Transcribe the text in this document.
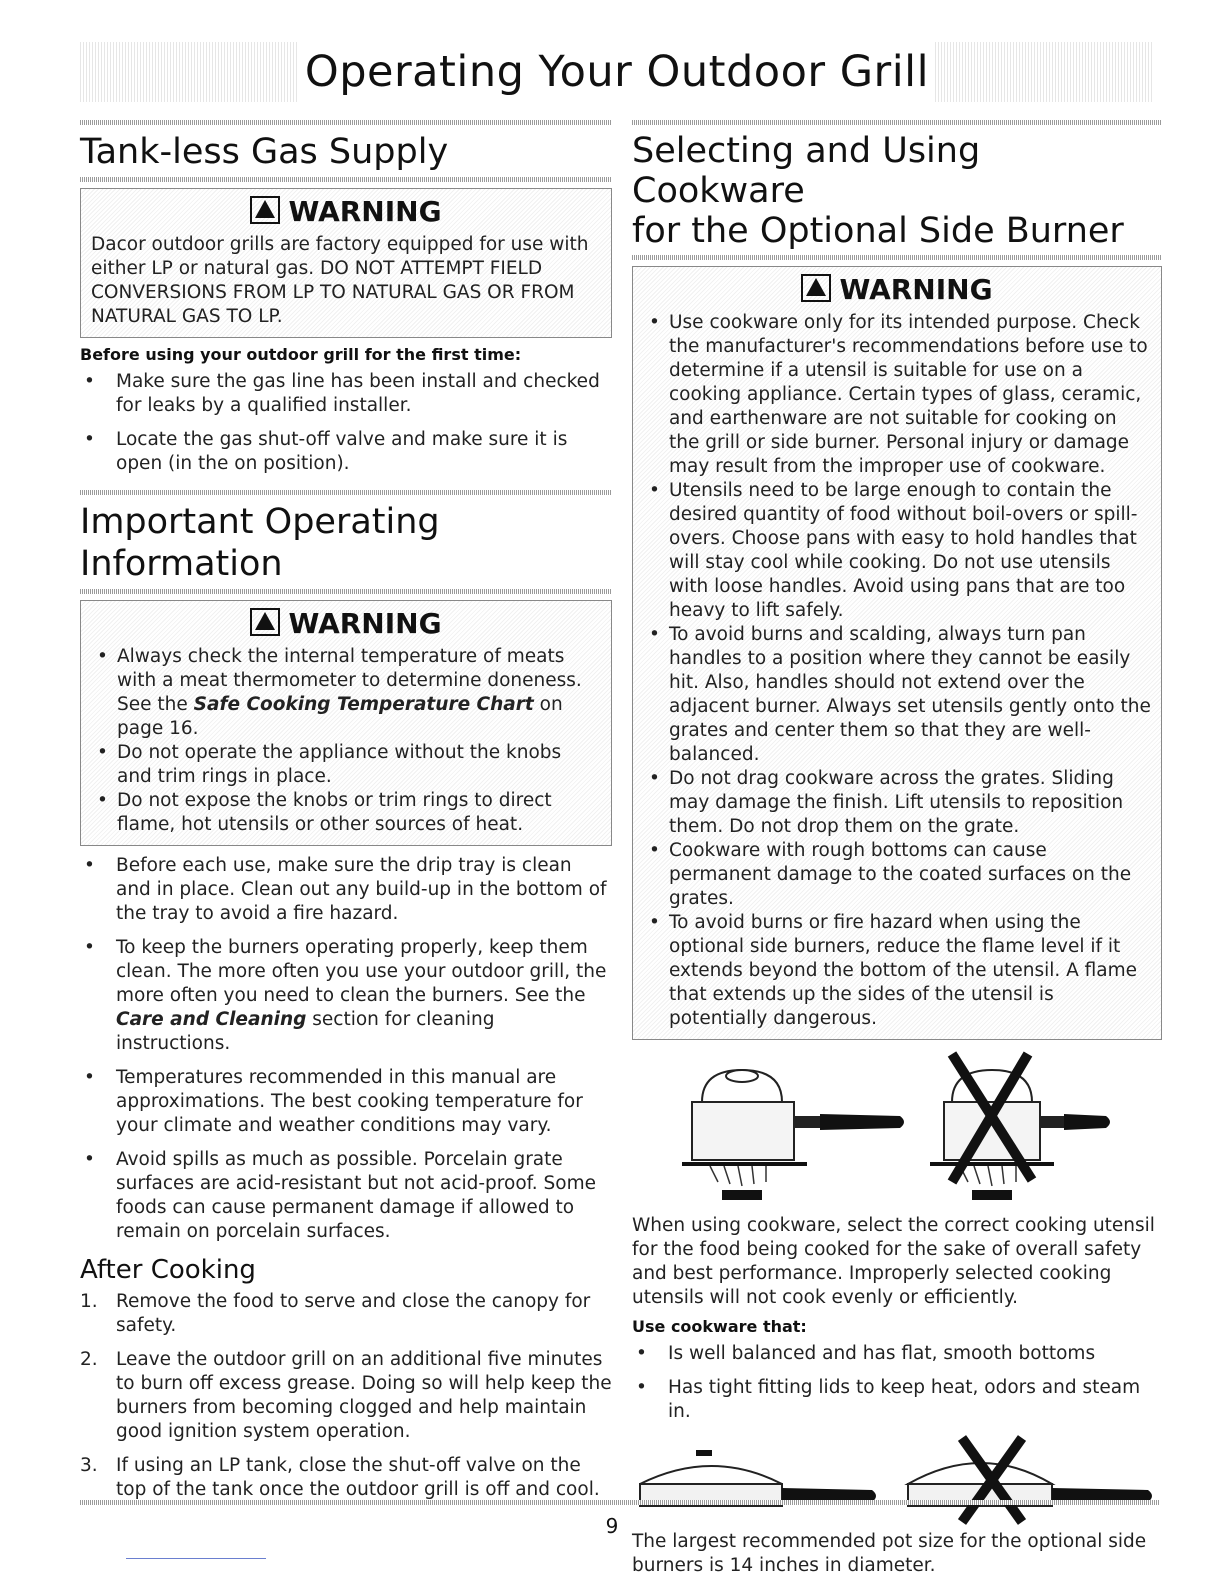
Operating Your Outdoor Grill
Tank-less Gas Supply
WARNING
Dacor outdoor grills are factory equipped for use with either LP or natural gas. DO NOT ATTEMPT FIELD CONVERSIONS FROM LP TO NATURAL GAS OR FROM NATURAL GAS TO LP.
Before using your outdoor grill for the first time:
• Make sure the gas line has been install and checked for leaks by a qualified installer.
• Locate the gas shut-off valve and make sure it is open (in the on position).
Important Operating Information
WARNING
• Always check the internal temperature of meats with a meat thermometer to determine doneness. See the Safe Cooking Temperature Chart on page 16.
• Do not operate the appliance without the knobs and trim rings in place.
• Do not expose the knobs or trim rings to direct flame, hot utensils or other sources of heat.
• Before each use, make sure the drip tray is clean and in place. Clean out any build-up in the bottom of the tray to avoid a fire hazard.
• To keep the burners operating properly, keep them clean. The more often you use your outdoor grill, the more often you need to clean the burners. See the Care and Cleaning section for cleaning instructions.
• Temperatures recommended in this manual are approximations. The best cooking temperature for your climate and weather conditions may vary.
• Avoid spills as much as possible. Porcelain grate surfaces are acid-resistant but not acid-proof. Some foods can cause permanent damage if allowed to remain on porcelain surfaces.
After Cooking
1. Remove the food to serve and close the canopy for safety.
2. Leave the outdoor grill on an additional five minutes to burn off excess grease. Doing so will help keep the burners from becoming clogged and help maintain good ignition system operation.
3. If using an LP tank, close the shut-off valve on the top of the tank once the outdoor grill is off and cool.
Selecting and Using Cookware
for the Optional Side Burner
WARNING
• Use cookware only for its intended purpose. Check the manufacturer's recommendations before use to determine if a utensil is suitable for use on a cooking appliance. Certain types of glass, ceramic, and earthenware are not suitable for cooking on the grill or side burner. Personal injury or damage may result from the improper use of cookware.
• Utensils need to be large enough to contain the desired quantity of food without boil-overs or spill-overs. Choose pans with easy to hold handles that will stay cool while cooking. Do not use utensils with loose handles. Avoid using pans that are too heavy to lift safely.
• To avoid burns and scalding, always turn pan handles to a position where they cannot be easily hit. Also, handles should not extend over the adjacent burner. Always set utensils gently onto the grates and center them so that they are well-balanced.
• Do not drag cookware across the grates. Sliding may damage the finish. Lift utensils to reposition them. Do not drop them on the grate.
• Cookware with rough bottoms can cause permanent damage to the coated surfaces on the grates.
• To avoid burns or fire hazard when using the optional side burners, reduce the flame level if it extends beyond the bottom of the utensil. A flame that extends up the sides of the utensil is potentially dangerous.

When using cookware, select the correct cooking utensil for the food being cooked for the sake of overall safety and best performance. Improperly selected cooking utensils will not cook evenly or efficiently.

Use cookware that:
• Is well balanced and has flat, smooth bottoms
• Has tight fitting lids to keep heat, odors and steam in.

The largest recommended pot size for the optional side burners is 14 inches in diameter.

9
